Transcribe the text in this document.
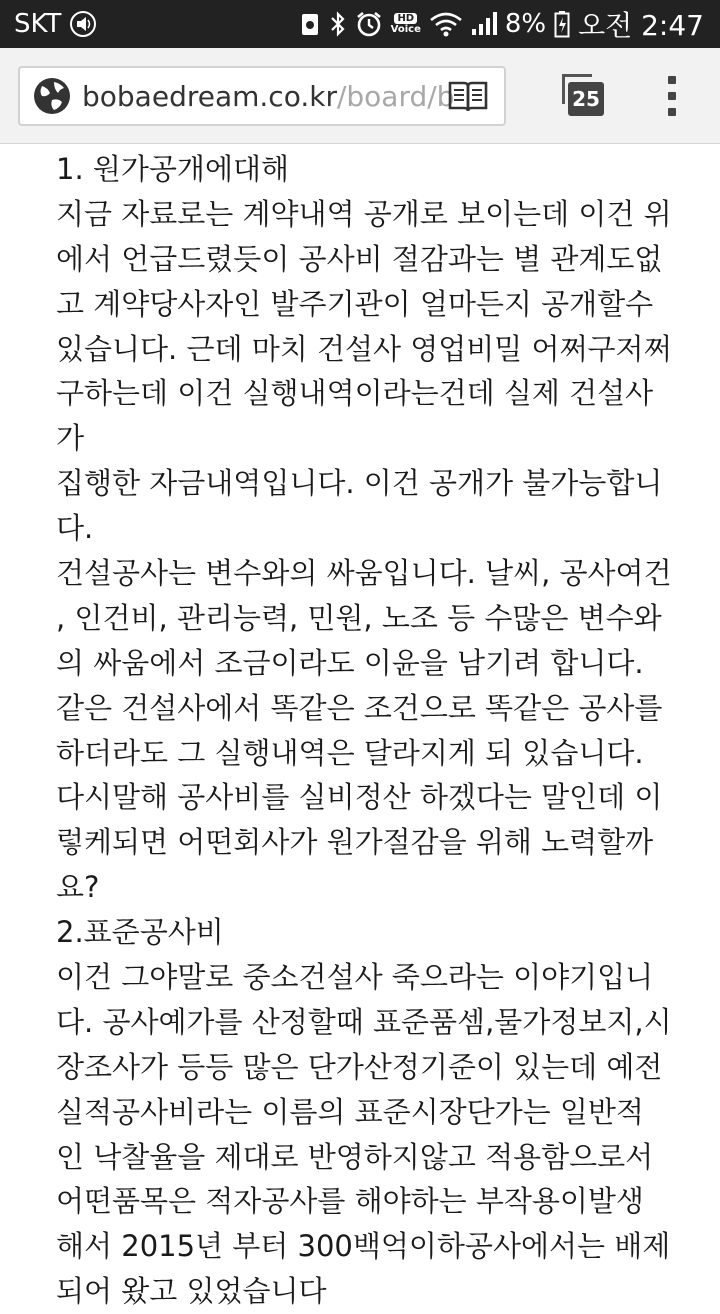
SKT	HD
Voice	8% 오전 2:47
bobaedream.co.kr/board/b	25
1. 원가공개에대해
지금 자료로는 계약내역 공개로 보이는데 이건 위
에서 언급드렸듯이 공사비 절감과는 별 관계도없
고 계약당사자인 발주기관이 얼마든지 공개할수
있습니다. 근데 마치 건설사 영업비밀 어쩌구저쩌
구하는데 이건 실행내역이라는건데 실제 건설사
가
집행한 자금내역입니다. 이건 공개가 불가능합니
다.
건설공사는 변수와의 싸움입니다. 날씨, 공사여건
, 인건비, 관리능력, 민원, 노조 등 수많은 변수와
의 싸움에서 조금이라도 이윤을 남기려 합니다.
같은 건설사에서 똑같은 조건으로 똑같은 공사를
하더라도 그 실행내역은 달라지게 되 있습니다.
다시말해 공사비를 실비정산 하겠다는 말인데 이
렇케되면 어떤회사가 원가절감을 위해 노력할까
요?
2.표준공사비
이건 그야말로 중소건설사 죽으라는 이야기입니
다. 공사예가를 산정할때 표준품셈,물가정보지,시
장조사가 등등 많은 단가산정기준이 있는데 예전
실적공사비라는 이름의 표준시장단가는 일반적
인 낙찰율을 제대로 반영하지않고 적용함으로서
어떤품목은 적자공사를 해야하는 부작용이발생
해서 2015년 부터 300백억이하공사에서는 배제
되어 왔고 있었습니다
